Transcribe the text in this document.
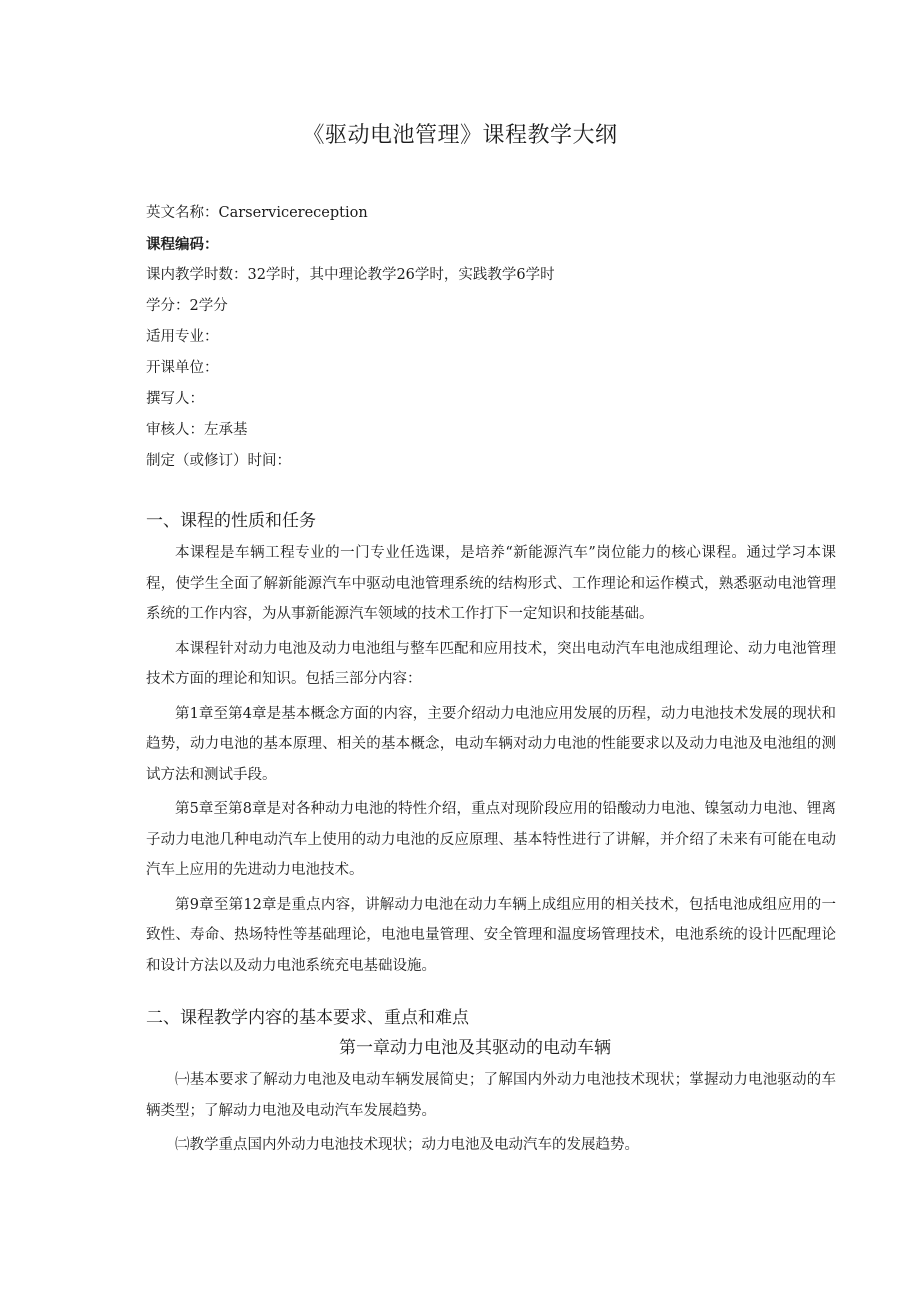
《驱动电池管理》课程教学大纲
英文名称：Carservicereception
课程编码：
课内教学时数：32学时，其中理论教学26学时，实践教学6学时
学分：2学分
适用专业：
开课单位：
撰写人：
审核人：左承基
制定（或修订）时间：
一、课程的性质和任务

本课程是车辆工程专业的一门专业任选课，是培养“新能源汽车”岗位能力的核心课程。通过学习本课程，使学生全面了解新能源汽车中驱动电池管理系统的结构形式、工作理论和运作模式，熟悉驱动电池管理系统的工作内容，为从事新能源汽车领域的技术工作打下一定知识和技能基础。

本课程针对动力电池及动力电池组与整车匹配和应用技术，突出电动汽车电池成组理论、动力电池管理技术方面的理论和知识。包括三部分内容：

第1章至第4章是基本概念方面的内容，主要介绍动力电池应用发展的历程，动力电池技术发展的现状和趋势，动力电池的基本原理、相关的基本概念，电动车辆对动力电池的性能要求以及动力电池及电池组的测试方法和测试手段。

第5章至第8章是对各种动力电池的特性介绍，重点对现阶段应用的铅酸动力电池、镍氢动力电池、锂离子动力电池几种电动汽车上使用的动力电池的反应原理、基本特性进行了讲解，并介绍了未来有可能在电动汽车上应用的先进动力电池技术。

第9章至第12章是重点内容，讲解动力电池在动力车辆上成组应用的相关技术，包括电池成组应用的一致性、寿命、热场特性等基础理论，电池电量管理、安全管理和温度场管理技术，电池系统的设计匹配理论和设计方法以及动力电池系统充电基础设施。

二、课程教学内容的基本要求、重点和难点
第一章动力电池及其驱动的电动车辆

㈠基本要求了解动力电池及电动车辆发展简史；了解国内外动力电池技术现状；掌握动力电池驱动的车辆类型；了解动力电池及电动汽车发展趋势。

㈡教学重点国内外动力电池技术现状；动力电池及电动汽车的发展趋势。
